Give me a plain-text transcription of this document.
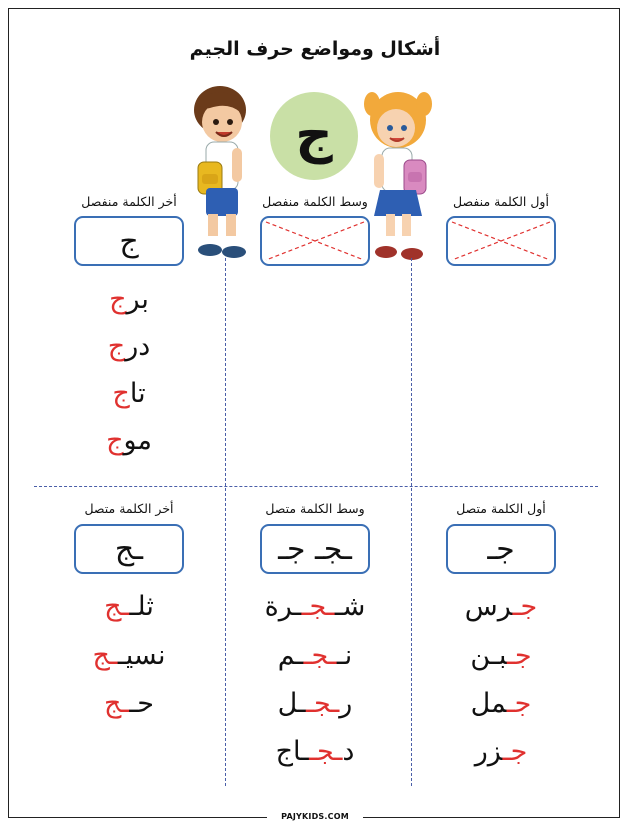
أشكال ومواضع حرف الجيم
ج
أول الكلمة منفصل
وسط الكلمة منفصل
أخر الكلمة منفصل
ج
برج
درج
تاج
موج
أول الكلمة متصل
وسط الكلمة متصل
أخر الكلمة متصل
جـ
ـجـ جـ
ـج
جـرس
جـبـن
جـمل
جـزر
شــجــرة
نــجــم
رـجــل
دـجــاج
ثلــج
نسيــج
حــج
PAJYKIDS.COM
